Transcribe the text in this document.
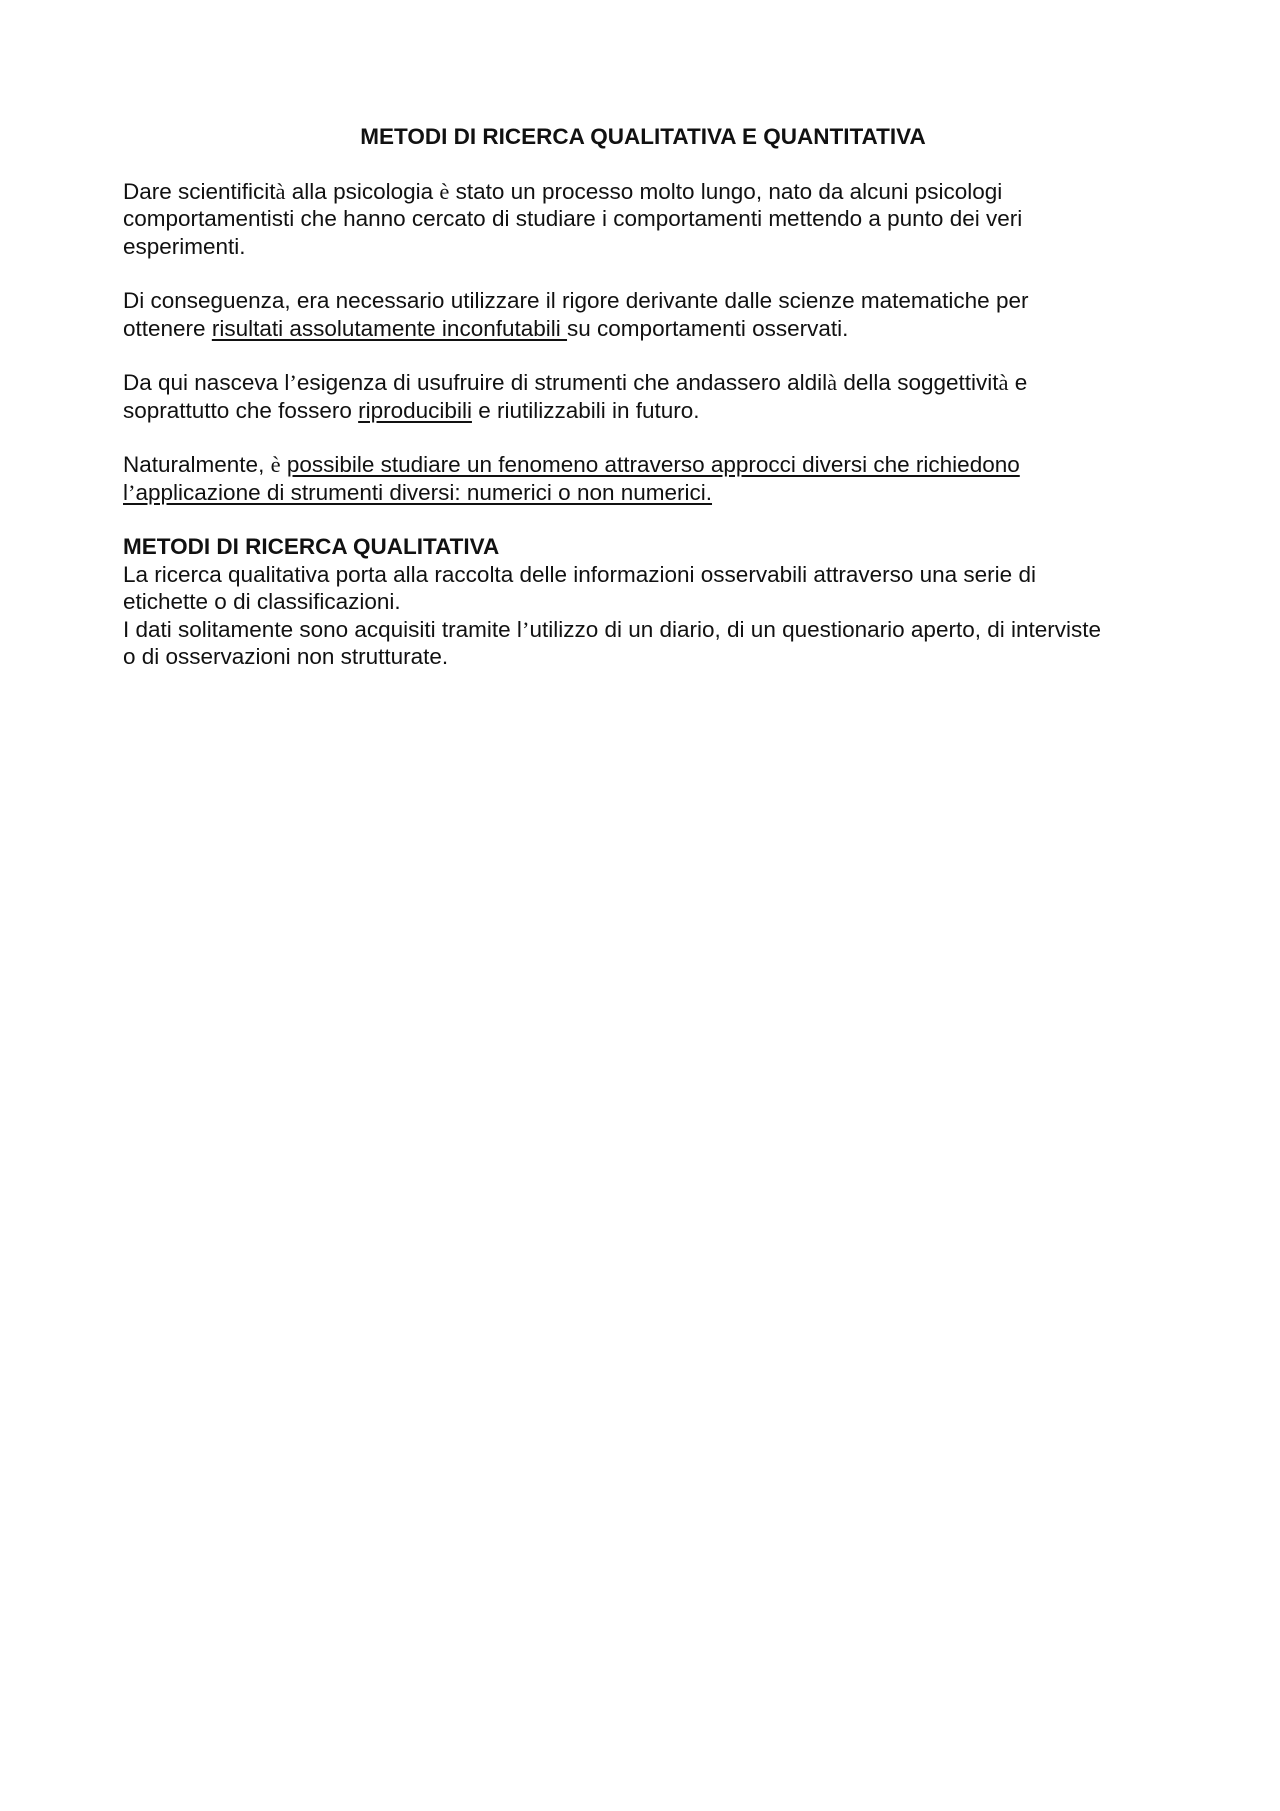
METODI DI RICERCA QUALITATIVA E QUANTITATIVA
Dare scientificità alla psicologia è stato un processo molto lungo, nato da alcuni psicologi
comportamentisti che hanno cercato di studiare i comportamenti mettendo a punto dei veri
esperimenti.
Di conseguenza, era necessario utilizzare il rigore derivante dalle scienze matematiche per
ottenere risultati assolutamente inconfutabili su comportamenti osservati.
Da qui nasceva l’esigenza di usufruire di strumenti che andassero aldilà della soggettività e
soprattutto che fossero riproducibili e riutilizzabili in futuro.
Naturalmente, è possibile studiare un fenomeno attraverso approcci diversi che richiedono
l’applicazione di strumenti diversi: numerici o non numerici.
METODI DI RICERCA QUALITATIVA
La ricerca qualitativa porta alla raccolta delle informazioni osservabili attraverso una serie di
etichette o di classificazioni.
I dati solitamente sono acquisiti tramite l’utilizzo di un diario, di un questionario aperto, di interviste
o di osservazioni non strutturate.
